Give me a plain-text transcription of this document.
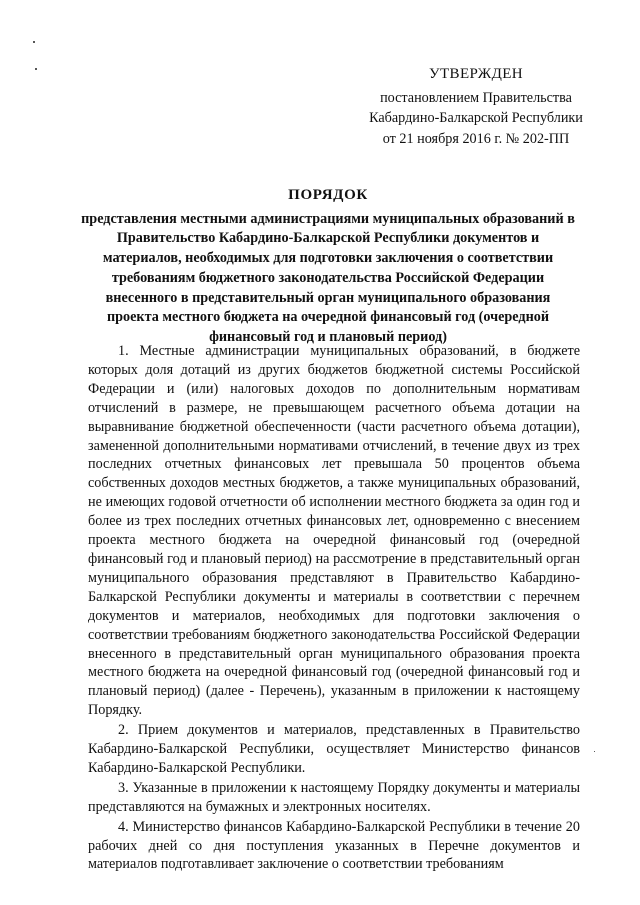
УТВЕРЖДЕН
постановлением Правительства
Кабардино-Балкарской Республики
от 21 ноября 2016 г. № 202-ПП
ПОРЯДОК
представления местными администрациями муниципальных образований в Правительство Кабардино-Балкарской Республики документов и материалов, необходимых для подготовки заключения о соответствии требованиям бюджетного законодательства Российской Федерации внесенного в представительный орган муниципального образования проекта местного бюджета на очередной финансовый год (очередной финансовый год и плановый период)

1. Местные администрации муниципальных образований, в бюджете которых доля дотаций из других бюджетов бюджетной системы Российской Федерации и (или) налоговых доходов по дополнительным нормативам отчислений в размере, не превышающем расчетного объема дотации на выравнивание бюджетной обеспеченности (части расчетного объема дотации), замененной дополнительными нормативами отчислений, в течение двух из трех последних отчетных финансовых лет превышала 50 процентов объема собственных доходов местных бюджетов, а также муниципальных образований, не имеющих годовой отчетности об исполнении местного бюджета за один год и более из трех последних отчетных финансовых лет, одновременно с внесением проекта местного бюджета на очередной финансовый год (очередной финансовый год и плановый период) на рассмотрение в представительный орган муниципального образования представляют в Правительство Кабардино-Балкарской Республики документы и материалы в соответствии с перечнем документов и материалов, необходимых для подготовки заключения о соответствии требованиям бюджетного законодательства Российской Федерации внесенного в представительный орган муниципального образования проекта местного бюджета на очередной финансовый год (очередной финансовый год и плановый период) (далее - Перечень), указанным в приложении к настоящему Порядку.

2. Прием документов и материалов, представленных в Правительство Кабардино-Балкарской Республики, осуществляет Министерство финансов Кабардино-Балкарской Республики.

3. Указанные в приложении к настоящему Порядку документы и материалы представляются на бумажных и электронных носителях.

4. Министерство финансов Кабардино-Балкарской Республики в течение 20 рабочих дней со дня поступления указанных в Перечне документов и материалов подготавливает заключение о соответствии требованиям
